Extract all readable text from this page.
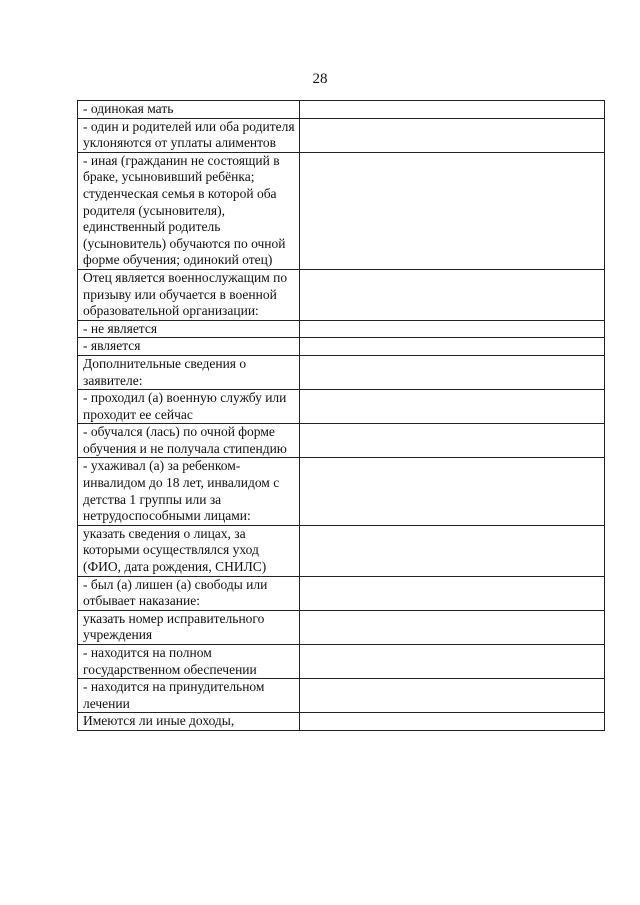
28
- одинокая мать	
- один и родителей или оба родителя уклоняются от уплаты алиментов	
- иная (гражданин не состоящий в браке, усыновивший ребёнка; студенческая семья в которой оба родителя (усыновителя), единственный родитель (усыновитель) обучаются по очной форме обучения; одинокий отец)	
Отец является военнослужащим по призыву или обучается в военной образовательной организации:	
- не является	
- является	
Дополнительные сведения о заявителе:	
- проходил (а) военную службу или проходит ее сейчас	
- обучался (лась) по очной форме обучения и не получала стипендию	
- ухаживал (а) за ребенком-инвалидом до 18 лет, инвалидом с детства 1 группы или за нетрудоспособными лицами:	
указать сведения о лицах, за которыми осуществлялся уход (ФИО, дата рождения, СНИЛС)	
- был (а) лишен (а) свободы или отбывает наказание:	
указать номер исправительного учреждения	
- находится на полном государственном обеспечении	
- находится на принудительном лечении	
Имеются ли иные доходы,	
